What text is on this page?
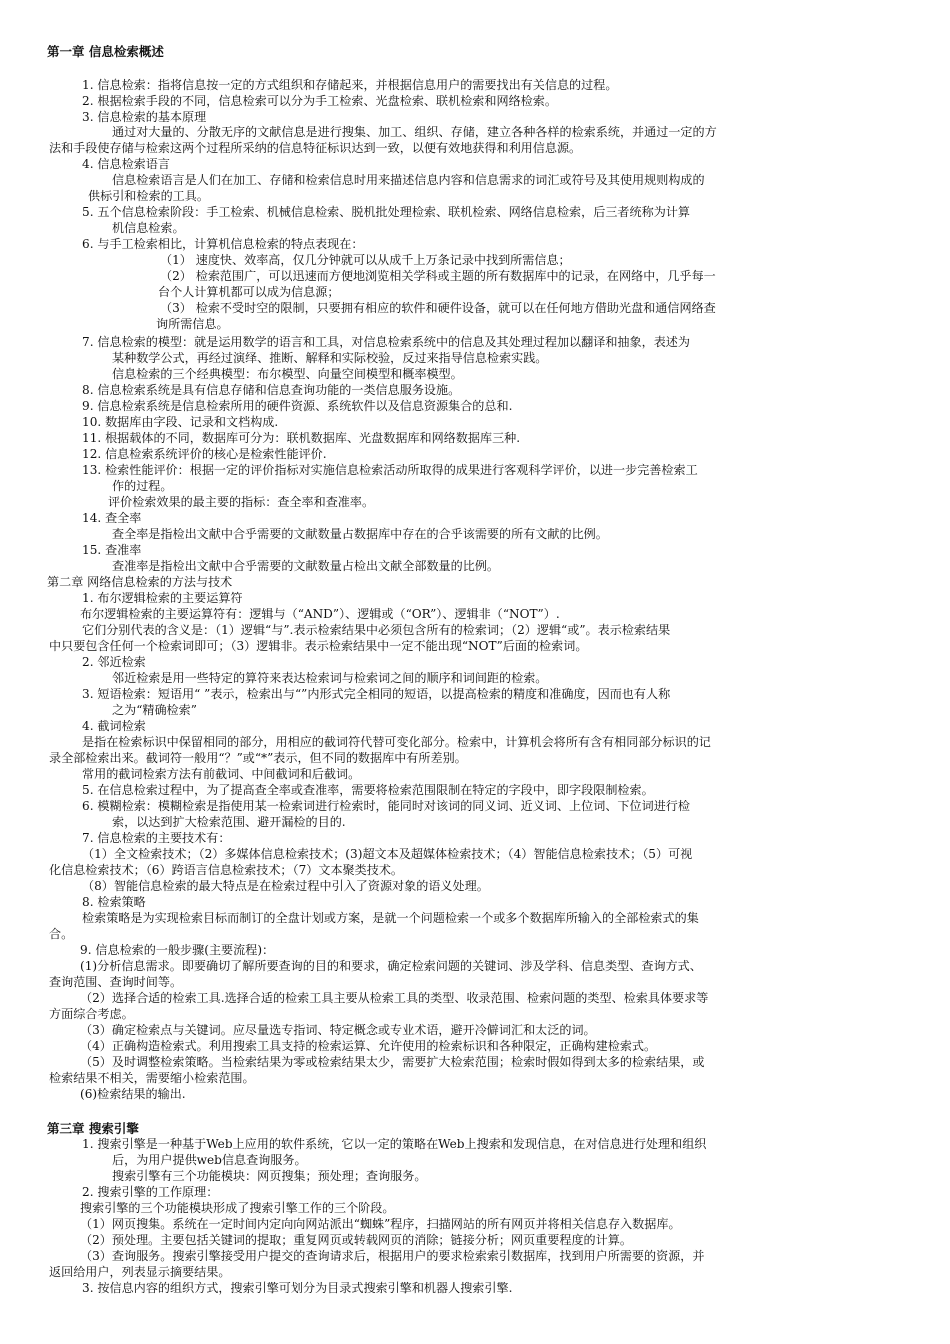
第一章 信息检索概述
1. 信息检索：指将信息按一定的方式组织和存储起来，并根据信息用户的需要找出有关信息的过程。
2. 根据检索手段的不同，信息检索可以分为手工检索、光盘检索、联机检索和网络检索。
3. 信息检索的基本原理
通过对大量的、分散无序的文献信息是进行搜集、加工、组织、存储，建立各种各样的检索系统，并通过一定的方
法和手段使存储与检索这两个过程所采纳的信息特征标识达到一致，以便有效地获得和利用信息源。
4. 信息检索语言
信息检索语言是人们在加工、存储和检索信息时用来描述信息内容和信息需求的词汇或符号及其使用规则构成的
供标引和检索的工具。
5. 五个信息检索阶段：手工检索、机械信息检索、脱机批处理检索、联机检索、网络信息检索，后三者统称为计算
机信息检索。
6. 与手工检索相比，计算机信息检索的特点表现在：
（1） 速度快、效率高，仅几分钟就可以从成千上万条记录中找到所需信息；
（2） 检索范围广，可以迅速而方便地浏览相关学科或主题的所有数据库中的记录，在网络中，几乎每一
台个人计算机都可以成为信息源；
（3） 检索不受时空的限制，只要拥有相应的软件和硬件设备，就可以在任何地方借助光盘和通信网络查
询所需信息。
7. 信息检索的模型：就是运用数学的语言和工具，对信息检索系统中的信息及其处理过程加以翻译和抽象，表述为
某种数学公式，再经过演绎、推断、解释和实际校验，反过来指导信息检索实践。
信息检索的三个经典模型：布尔模型、向量空间模型和概率模型。
8. 信息检索系统是具有信息存储和信息查询功能的一类信息服务设施。
9. 信息检索系统是信息检索所用的硬件资源、系统软件以及信息资源集合的总和.
10. 数据库由字段、记录和文档构成.
11. 根据载体的不同，数据库可分为：联机数据库、光盘数据库和网络数据库三种.
12. 信息检索系统评价的核心是检索性能评价.
13. 检索性能评价：根据一定的评价指标对实施信息检索活动所取得的成果进行客观科学评价，以进一步完善检索工
作的过程。
评价检索效果的最主要的指标：查全率和查准率。
14. 查全率
查全率是指检出文献中合乎需要的文献数量占数据库中存在的合乎该需要的所有文献的比例。
15. 查准率
查准率是指检出文献中合乎需要的文献数量占检出文献全部数量的比例。
第二章 网络信息检索的方法与技术
1. 布尔逻辑检索的主要运算符
布尔逻辑检索的主要运算符有：逻辑与（“AND”）、逻辑或（“OR”）、逻辑非（“NOT”）.
它们分别代表的含义是：（1）逻辑“与”.表示检索结果中必须包含所有的检索词；（2）逻辑“或”。表示检索结果
中只要包含任何一个检索词即可；（3）逻辑非。表示检索结果中一定不能出现“NOT”后面的检索词。
2. 邻近检索
邻近检索是用一些特定的算符来表达检索词与检索词之间的顺序和词间距的检索。
3. 短语检索：短语用“ ”表示，检索出与“”内形式完全相同的短语，以提高检索的精度和准确度，因而也有人称
之为“精确检索”
4. 截词检索
是指在检索标识中保留相同的部分，用相应的截词符代替可变化部分。检索中，计算机会将所有含有相同部分标识的记
录全部检索出来。截词符一般用“？”或“*”表示，但不同的数据库中有所差别。
常用的截词检索方法有前截词、中间截词和后截词。
5. 在信息检索过程中，为了提高查全率或查准率，需要将检索范围限制在特定的字段中，即字段限制检索。
6. 模糊检索：模糊检索是指使用某一检索词进行检索时，能同时对该词的同义词、近义词、上位词、下位词进行检
索，以达到扩大检索范围、避开漏检的目的.
7. 信息检索的主要技术有：
（1）全文检索技术；（2）多媒体信息检索技术；(3)超文本及超媒体检索技术；（4）智能信息检索技术；（5）可视
化信息检索技术；（6）跨语言信息检索技术；（7）文本聚类技术。
（8）智能信息检索的最大特点是在检索过程中引入了资源对象的语义处理。
8. 检索策略
检索策略是为实现检索目标而制订的全盘计划或方案，是就一个问题检索一个或多个数据库所输入的全部检索式的集
合。
9. 信息检索的一般步骤(主要流程)：
(1)分析信息需求。即要确切了解所要查询的目的和要求，确定检索问题的关键词、涉及学科、信息类型、查询方式、
查询范围、查询时间等。
（2）选择合适的检索工具.选择合适的检索工具主要从检索工具的类型、收录范围、检索问题的类型、检索具体要求等
方面综合考虑。
（3）确定检索点与关键词。应尽量选专指词、特定概念或专业术语，避开冷僻词汇和太泛的词。
（4）正确构造检索式。利用搜索工具支持的检索运算、允许使用的检索标识和各种限定，正确构建检索式。
（5）及时调整检索策略。当检索结果为零或检索结果太少，需要扩大检索范围；检索时假如得到太多的检索结果，或
检索结果不相关，需要缩小检索范围。
(6)检索结果的输出.
第三章 搜索引擎
1. 搜索引擎是一种基于Web上应用的软件系统，它以一定的策略在Web上搜索和发现信息，在对信息进行处理和组织
后，为用户提供web信息查询服务。
搜索引擎有三个功能模块：网页搜集；预处理；查询服务。
2. 搜索引擎的工作原理：
搜索引擎的三个功能模块形成了搜索引擎工作的三个阶段。
（1）网页搜集。系统在一定时间内定向向网站派出“蜘蛛”程序，扫描网站的所有网页并将相关信息存入数据库。
（2）预处理。主要包括关键词的提取；重复网页或转载网页的消除；链接分析；网页重要程度的计算。
（3）查询服务。搜索引擎接受用户提交的查询请求后，根据用户的要求检索索引数据库，找到用户所需要的资源，并
返回给用户，列表显示摘要结果。
3. 按信息内容的组织方式，搜索引擎可划分为目录式搜索引擎和机器人搜索引擎.
